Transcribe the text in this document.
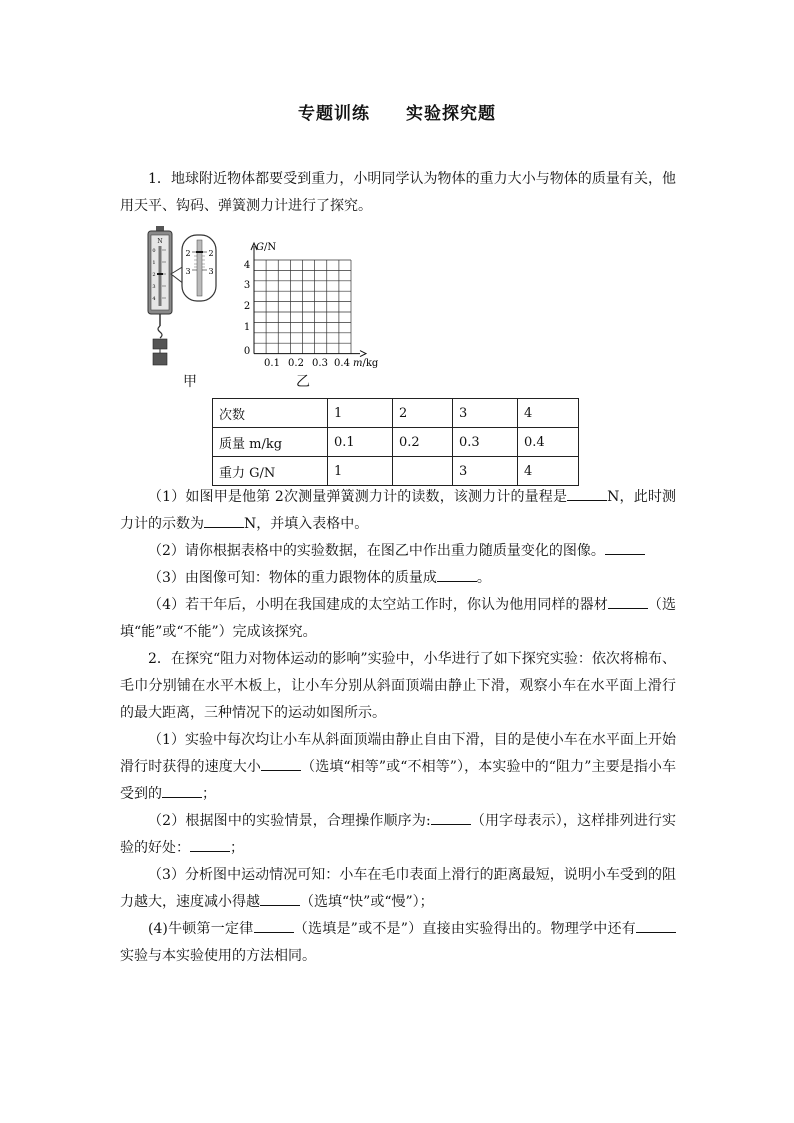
专题训练 实验探究题

1．地球附近物体都要受到重力，小明同学认为物体的重力大小与物体的质量有关，他用天平、钩码、弹簧测力计进行了探究。

N
0
1
2
3
4
2 2
3 3
甲
G/N
4
3
2
1
0
0.1 0.2 0.3 0.4 m/kg
乙
次数	1	2	3	4
质量 m/kg	0.1	0.2	0.3	0.4
重力 G/N	1		3	4

（1）如图甲是他第 2次测量弹簧测力计的读数，该测力计的量程是	N，此时测力计的示数为	N，并填入表格中。

（2）请你根据表格中的实验数据，在图乙中作出重力随质量变化的图像。

（3）由图像可知：物体的重力跟物体的质量成	。

（4）若干年后，小明在我国建成的太空站工作时，你认为他用同样的器材	（选填“能”或“不能”）完成该探究。

2．在探究“阻力对物体运动的影响”实验中，小华进行了如下探究实验：依次将棉布、毛巾分别铺在水平木板上，让小车分别从斜面顶端由静止下滑，观察小车在水平面上滑行的最大距离，三种情况下的运动如图所示。

（1）实验中每次均让小车从斜面顶端由静止自由下滑，目的是使小车在水平面上开始滑行时获得的速度大小	（选填“相等”或“不相等”），本实验中的“阻力”主要是指小车受到的	；

（2）根据图中的实验情景，合理操作顺序为:	（用字母表示），这样排列进行实验的好处：	；

（3）分析图中运动情况可知：小车在毛巾表面上滑行的距离最短，说明小车受到的阻力越大，速度减小得越	（选填“快”或“慢”）；

(4)牛顿第一定律	（选填是”或不是”）直接由实验得出的。物理学中还有实验与本实验使用的方法相同。
